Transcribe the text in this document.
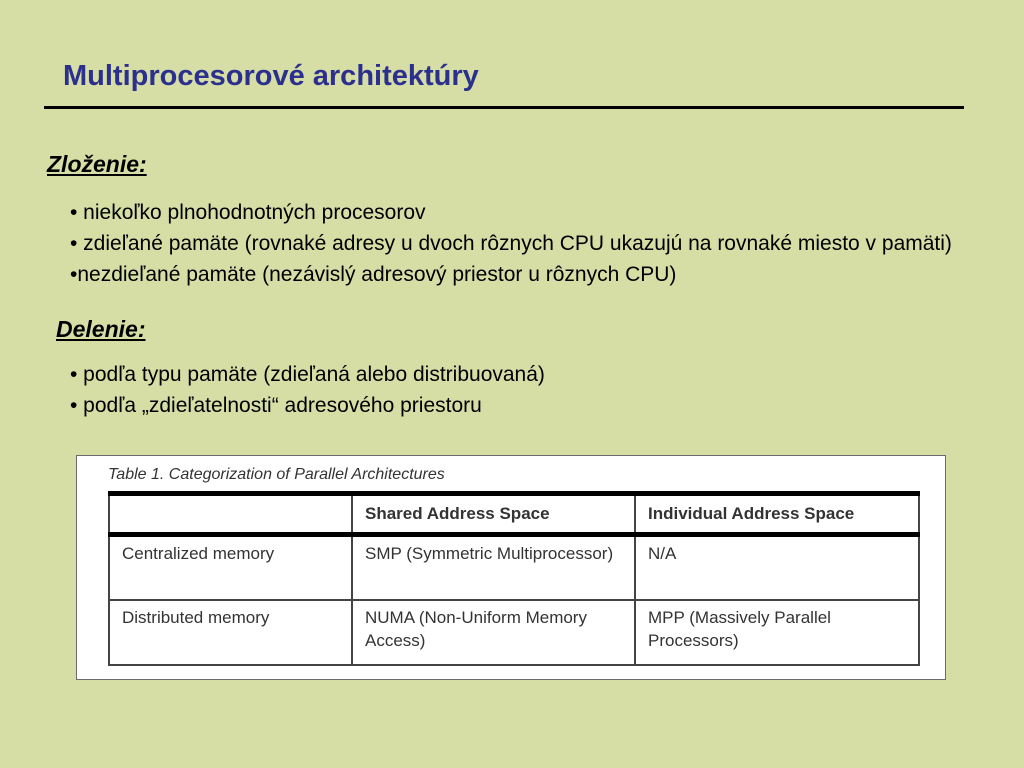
Multiprocesorové architektúry
Zloženie:
• niekoľko plnohodnotných procesorov
• zdieľané pamäte (rovnaké adresy u dvoch rôznych CPU ukazujú na rovnaké miesto v pamäti)
•nezdieľané pamäte (nezávislý adresový priestor u rôznych CPU)
Delenie:
• podľa typu pamäte (zdieľaná alebo distribuovaná)
• podľa „zdieľatelnosti“ adresového priestoru
Table 1. Categorization of Parallel Architectures
	Shared Address Space	Individual Address Space
Centralized memory	SMP (Symmetric Multiprocessor)	N/A
Distributed memory	NUMA (Non-Uniform Memory Access)	MPP (Massively Parallel Processors)
